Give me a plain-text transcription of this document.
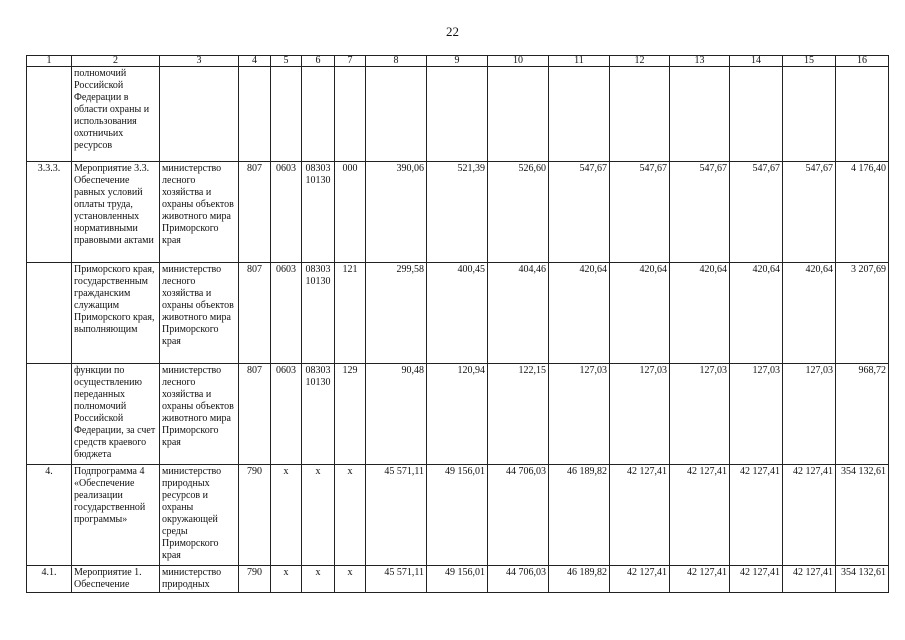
22
1	2	3	4	5	6	7	8	9	10	11	12	13	14	15	16
	полномочий Российской Федерации в области охраны и использования охотничьих ресурсов														
3.3.3.	Мероприятие 3.3. Обеспечение равных условий оплаты труда, установленных нормативными правовыми актами	министерство лесного хозяйства и охраны объектов животного мира Приморского края	807	0603	08303 10130	000	390,06	521,39	526,60	547,67	547,67	547,67	547,67	547,67	4 176,40
	Приморского края, государственным гражданским служащим Приморского края, выполняющим	министерство лесного хозяйства и охраны объектов животного мира Приморского края	807	0603	08303 10130	121	299,58	400,45	404,46	420,64	420,64	420,64	420,64	420,64	3 207,69
	функции по осуществлению переданных полномочий Российской Федерации, за счет средств краевого бюджета	министерство лесного хозяйства и охраны объектов животного мира Приморского края	807	0603	08303 10130	129	90,48	120,94	122,15	127,03	127,03	127,03	127,03	127,03	968,72
4.	Подпрограмма 4 «Обеспечение реализации государственной программы»	министерство природных ресурсов и охраны окружающей среды Приморского края	790	х	х	х	45 571,11	49 156,01	44 706,03	46 189,82	42 127,41	42 127,41	42 127,41	42 127,41	354 132,61
4.1.	Мероприятие 1. Обеспечение	министерство природных	790	х	х	х	45 571,11	49 156,01	44 706,03	46 189,82	42 127,41	42 127,41	42 127,41	42 127,41	354 132,61
